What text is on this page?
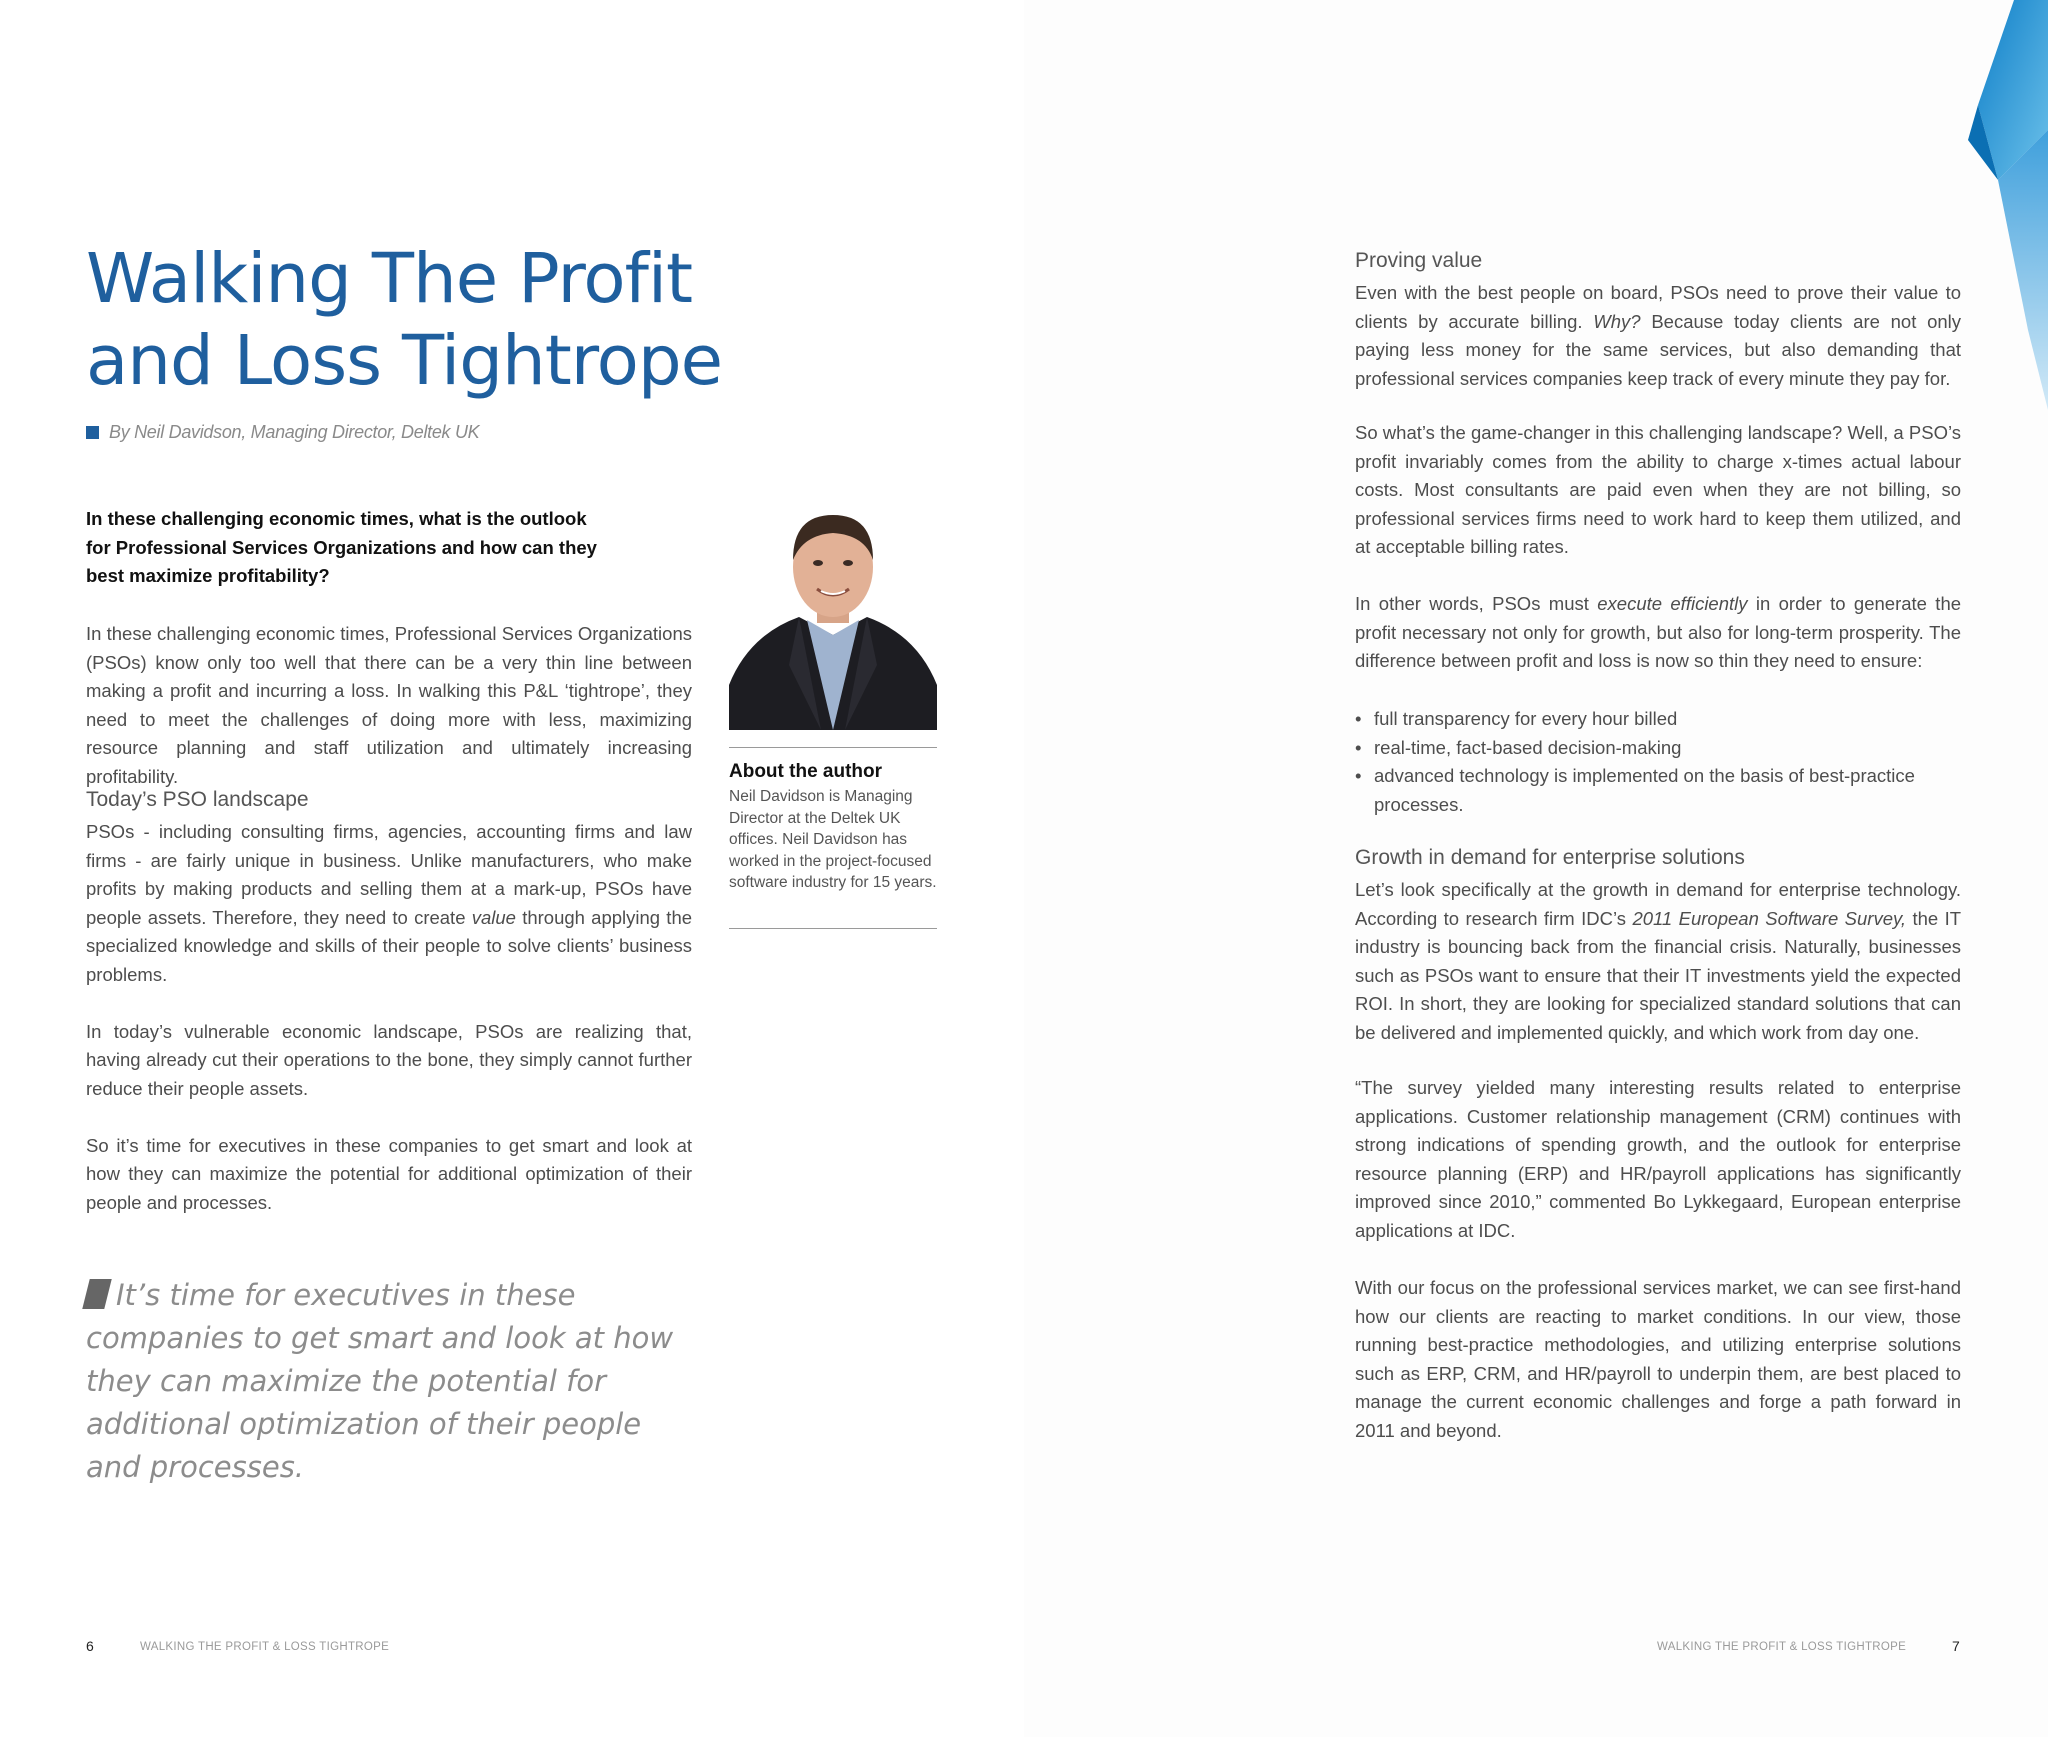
Walking The Profit
and Loss Tightrope
By Neil Davidson, Managing Director, Deltek UK
In these challenging economic times, what is the outlook for Professional Services Organizations and how can they best maximize profitability?

In these challenging economic times, Professional Services Organizations (PSOs) know only too well that there can be a very thin line between making a profit and incurring a loss. In walking this P&L ‘tightrope’, they need to meet the challenges of doing more with less, maximizing resource planning and staff utilization and ultimately increasing profitability.

Today’s PSO landscape

PSOs - including consulting firms, agencies, accounting firms and law firms - are fairly unique in business. Unlike manufacturers, who make profits by making products and selling them at a mark-up, PSOs have people assets. Therefore, they need to create value through applying the specialized knowledge and skills of their people to solve clients’ business problems.

In today’s vulnerable economic landscape, PSOs are realizing that, having already cut their operations to the bone, they simply cannot further reduce their people assets.

So it’s time for executives in these companies to get smart and look at how they can maximize the potential for additional optimization of their people and processes.

It’s time for executives in these companies to get smart and look at how they can maximize the potential for additional optimization of their people and processes.
About the author

Neil Davidson is Managing Director at the Deltek UK offices. Neil Davidson has worked in the project-focused software industry for 15 years.

6	WALKING THE PROFIT & LOSS TIGHTROPE
Proving value

Even with the best people on board, PSOs need to prove their value to clients by accurate billing. Why? Because today clients are not only paying less money for the same services, but also demanding that professional services companies keep track of every minute they pay for.

So what’s the game-changer in this challenging landscape? Well, a PSO’s profit invariably comes from the ability to charge x-times actual labour costs. Most consultants are paid even when they are not billing, so professional services firms need to work hard to keep them utilized, and at acceptable billing rates.

In other words, PSOs must execute efficiently in order to generate the profit necessary not only for growth, but also for long-term prosperity. The difference between profit and loss is now so thin they need to ensure:

• full transparency for every hour billed
• real-time, fact-based decision-making
• advanced technology is implemented on the basis of best-practice processes.
Growth in demand for enterprise solutions

Let’s look specifically at the growth in demand for enterprise technology. According to research firm IDC’s 2011 European Software Survey, the IT industry is bouncing back from the financial crisis. Naturally, businesses such as PSOs want to ensure that their IT investments yield the expected ROI. In short, they are looking for specialized standard solutions that can be delivered and implemented quickly, and which work from day one.

“The survey yielded many interesting results related to enterprise applications. Customer relationship management (CRM) continues with strong indications of spending growth, and the outlook for enterprise resource planning (ERP) and HR/payroll applications has significantly improved since 2010,” commented Bo Lykkegaard, European enterprise applications at IDC.

With our focus on the professional services market, we can see first-hand how our clients are reacting to market conditions. In our view, those running best-practice methodologies, and utilizing enterprise solutions such as ERP, CRM, and HR/payroll to underpin them, are best placed to manage the current economic challenges and forge a path forward in 2011 and beyond.

WALKING THE PROFIT & LOSS TIGHTROPE	7
